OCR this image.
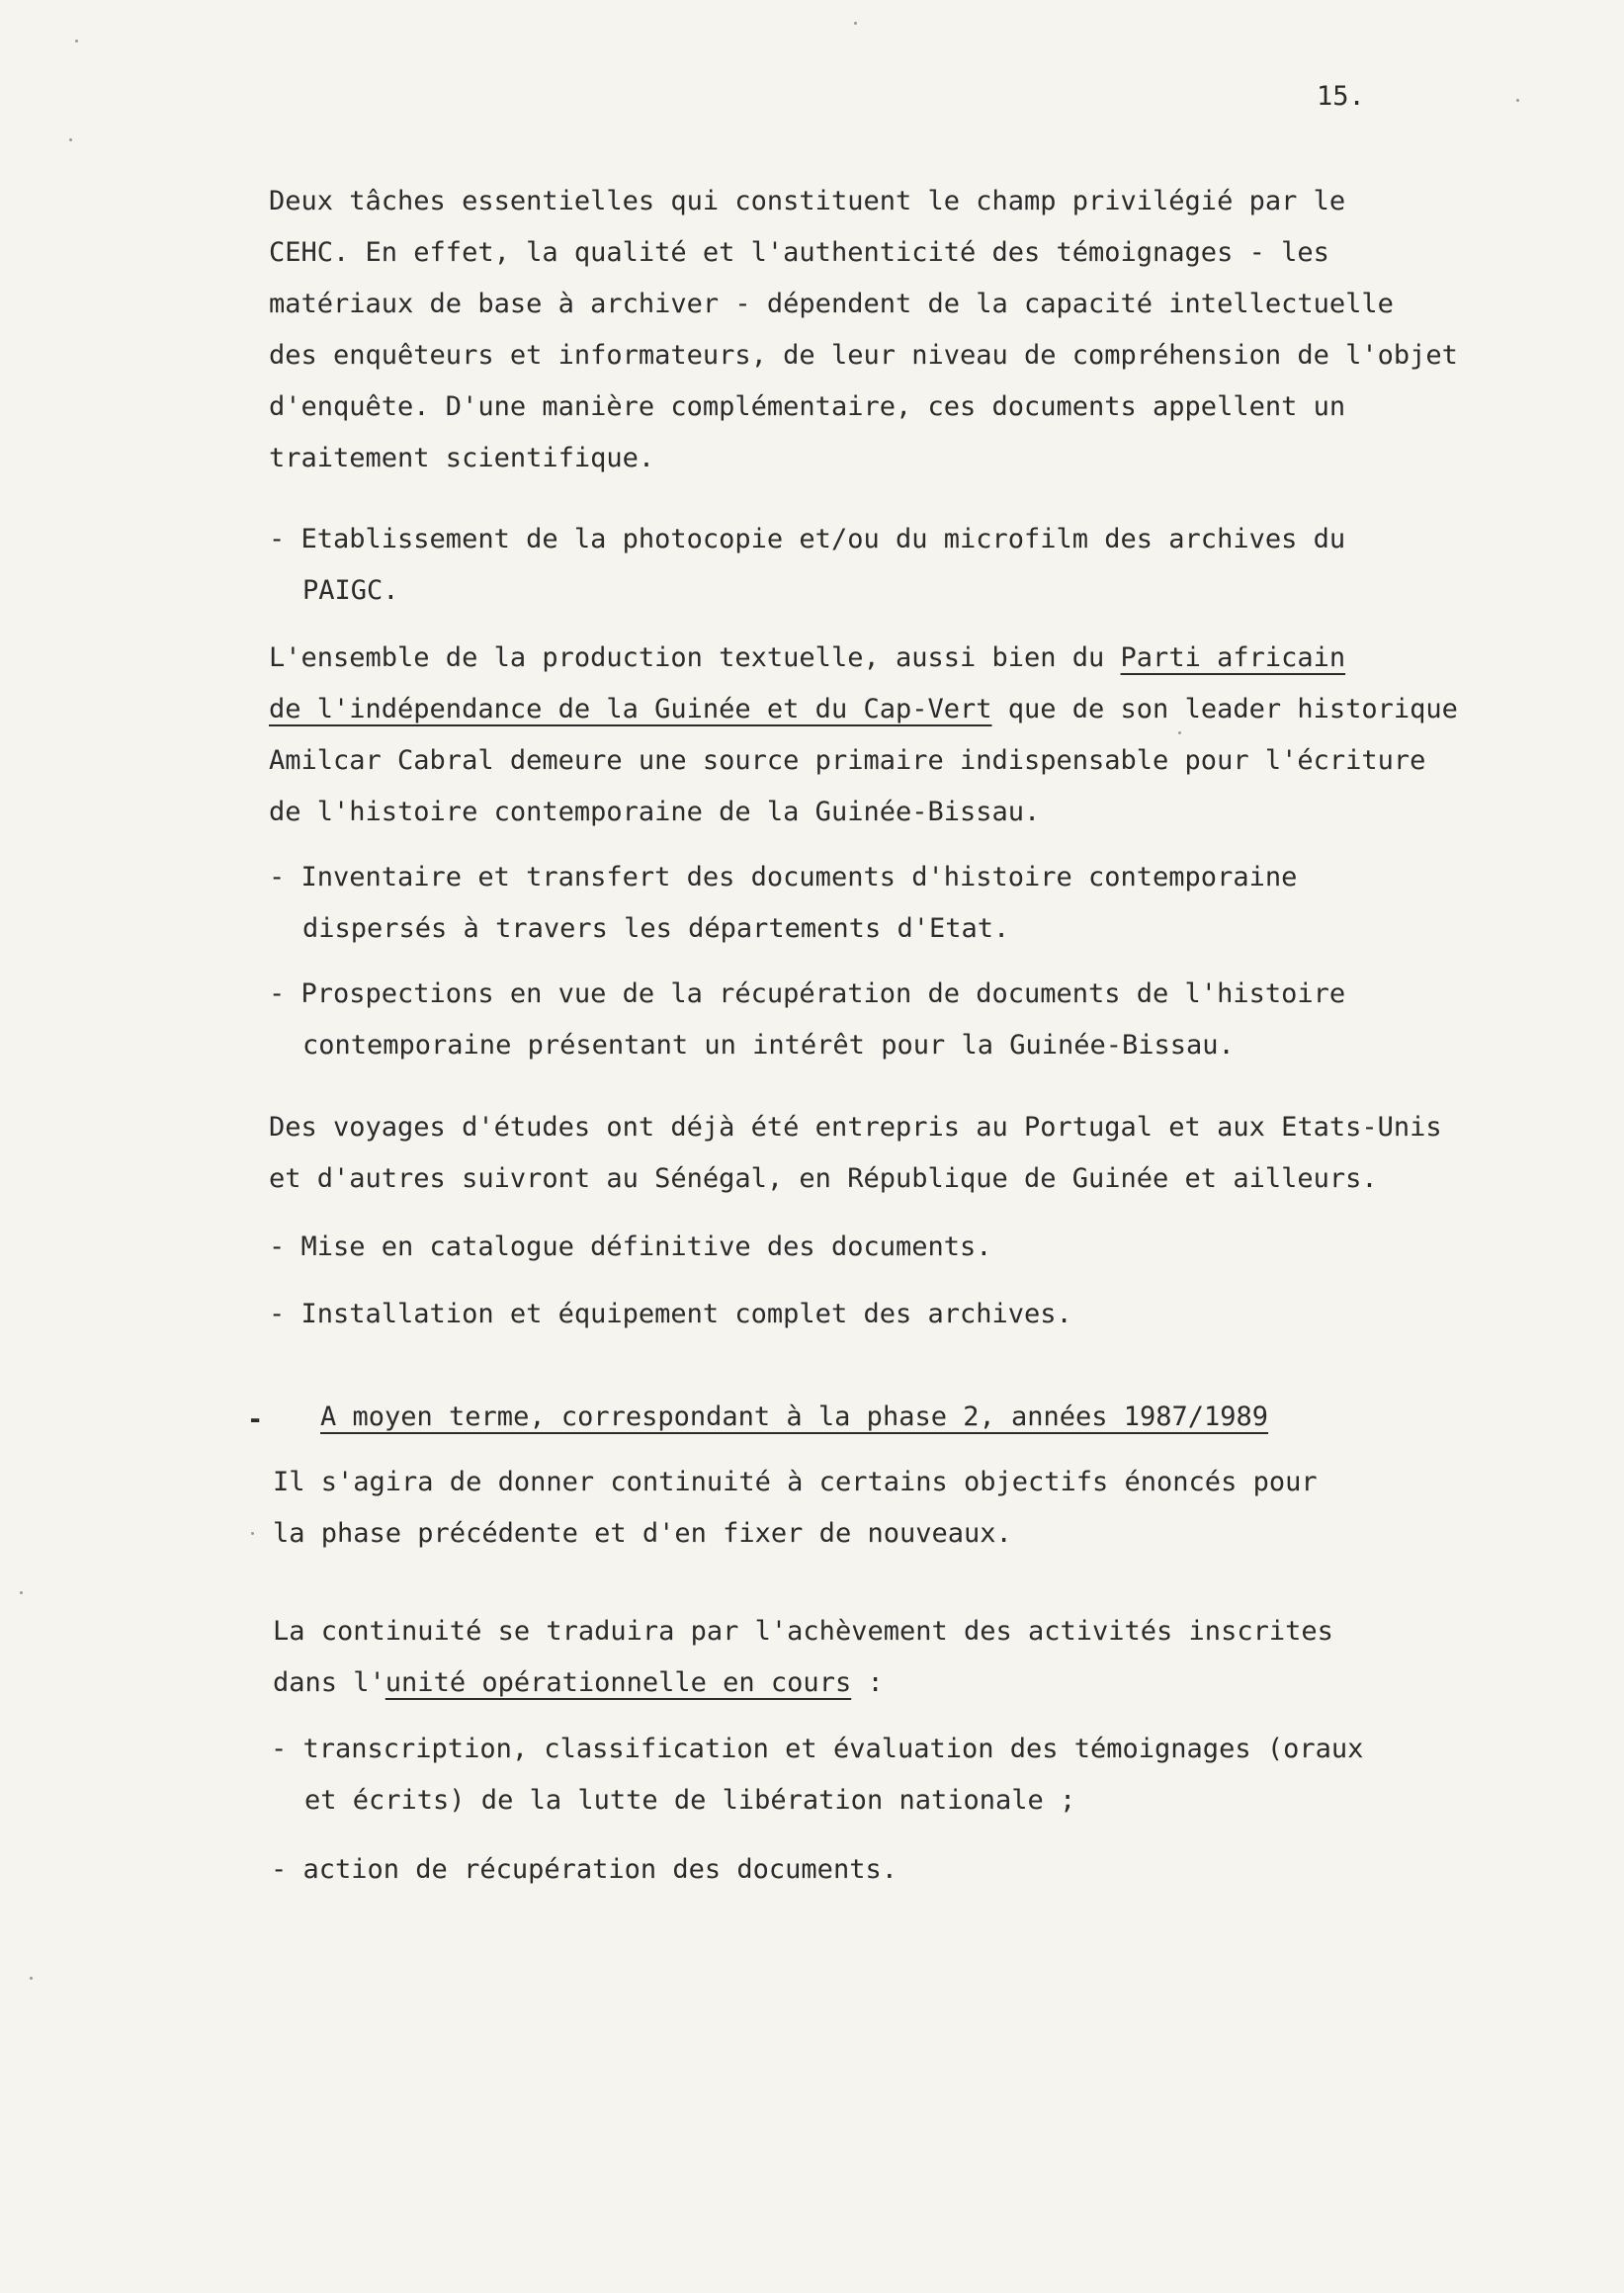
15.
Deux tâches essentielles qui constituent le champ privilégié par le
CEHC. En effet, la qualité et l'authenticité des témoignages - les
matériaux de base à archiver - dépendent de la capacité intellectuelle
des enquêteurs et informateurs, de leur niveau de compréhension de l'objet
d'enquête. D'une manière complémentaire, ces documents appellent un
traitement scientifique.
- Etablissement de la photocopie et/ou du microfilm des archives du
PAIGC.
L'ensemble de la production textuelle, aussi bien du Parti africain
de l'indépendance de la Guinée et du Cap-Vert que de son leader historique
Amilcar Cabral demeure une source primaire indispensable pour l'écriture
de l'histoire contemporaine de la Guinée-Bissau.
- Inventaire et transfert des documents d'histoire contemporaine
dispersés à travers les départements d'Etat.
- Prospections en vue de la récupération de documents de l'histoire
contemporaine présentant un intérêt pour la Guinée-Bissau.
Des voyages d'études ont déjà été entrepris au Portugal et aux Etats-Unis
et d'autres suivront au Sénégal, en République de Guinée et ailleurs.
- Mise en catalogue définitive des documents.
- Installation et équipement complet des archives.
- A moyen terme, correspondant à la phase 2, années 1987/1989
Il s'agira de donner continuité à certains objectifs énoncés pour
la phase précédente et d'en fixer de nouveaux.
La continuité se traduira par l'achèvement des activités inscrites
dans l'unité opérationnelle en cours :
- transcription, classification et évaluation des témoignages (oraux
et écrits) de la lutte de libération nationale ;
- action de récupération des documents.
